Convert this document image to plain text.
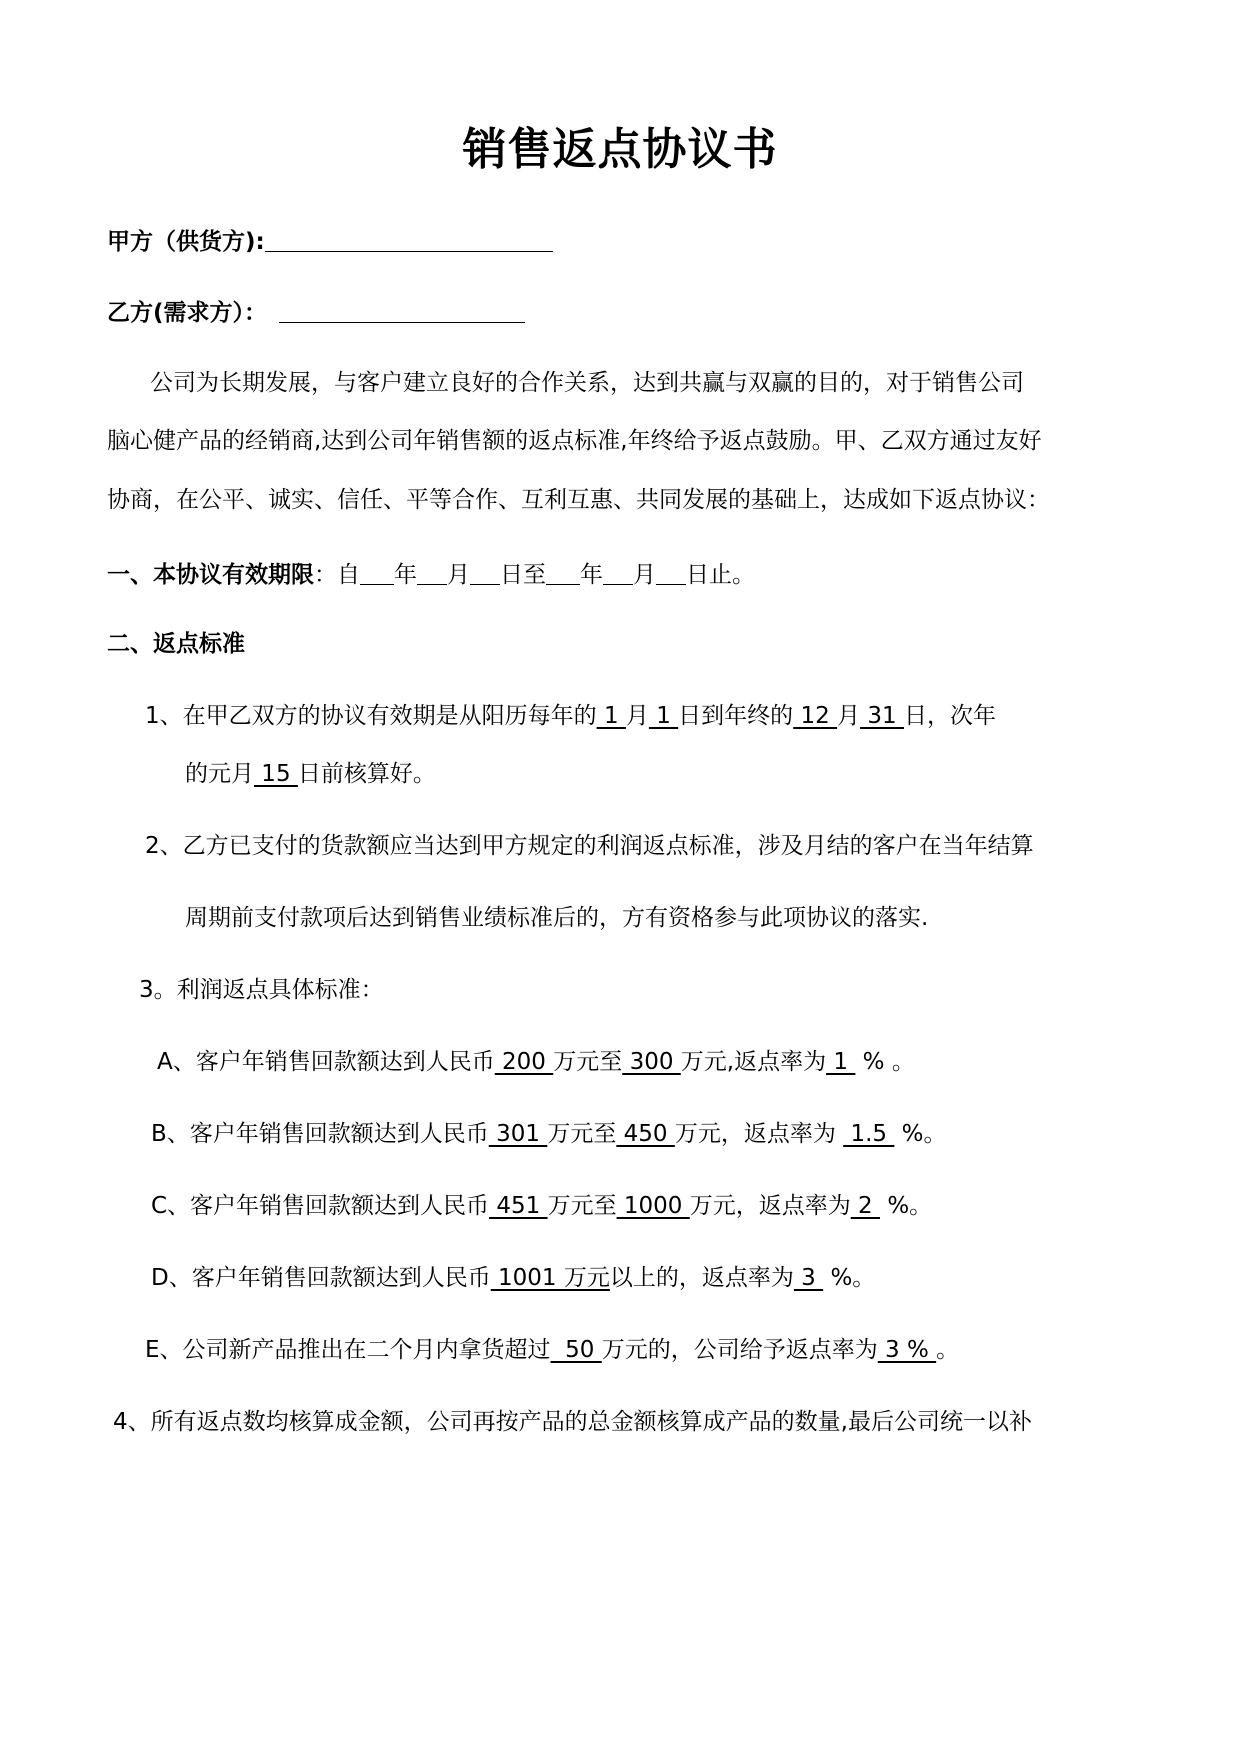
销售返点协议书
甲方（供货方):
乙方(需求方）：
公司为长期发展，与客户建立良好的合作关系，达到共赢与双赢的目的，对于销售公司
脑心健产品的经销商,达到公司年销售额的返点标准,年终给予返点鼓励。甲、乙双方通过友好
协商，在公平、诚实、信任、平等合作、互利互惠、共同发展的基础上，达成如下返点协议：
一、本协议有效期限：自 年 月 日至 年 月 日止。
二、返点标准
1、在甲乙双方的协议有效期是从阳历每年的 1 月 1 日到年终的 12 月 31 日，次年
的元月 15 日前核算好。
2、乙方已支付的货款额应当达到甲方规定的利润返点标准，涉及月结的客户在当年结算
周期前支付款项后达到销售业绩标准后的，方有资格参与此项协议的落实.
3。利润返点具体标准：
A、客户年销售回款额达到人民币 200 万元至 300 万元,返点率为 1  % 。
B、客户年销售回款额达到人民币 301 万元至 450 万元，返点率为  1.5  %。
C、客户年销售回款额达到人民币 451 万元至 1000 万元，返点率为 2  %。
D、客户年销售回款额达到人民币 1001 万元以上的，返点率为 3  %。
E、公司新产品推出在二个月内拿货超过  50 万元的，公司给予返点率为 3 % 。
4、所有返点数均核算成金额，公司再按产品的总金额核算成产品的数量,最后公司统一以补
